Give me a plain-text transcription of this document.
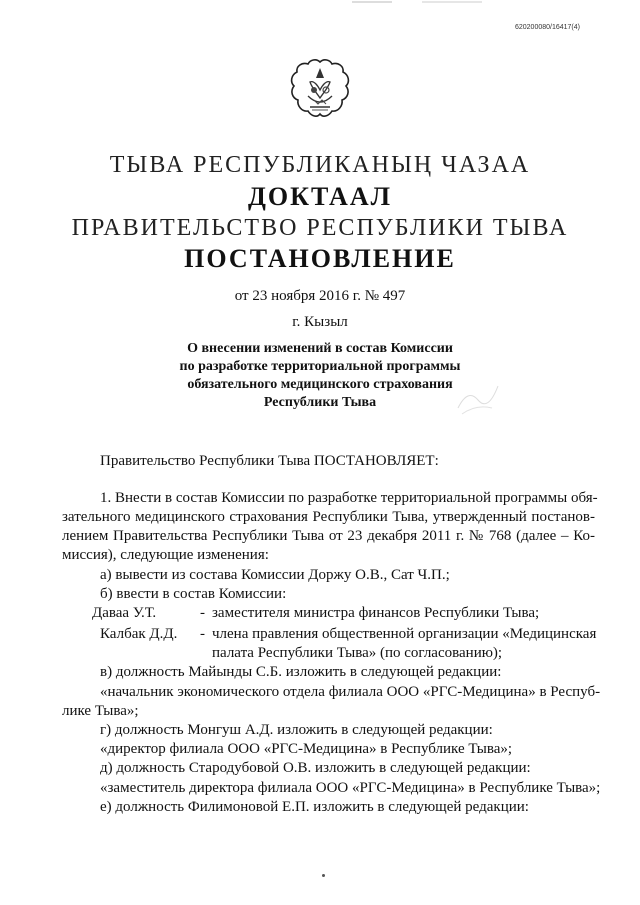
620200080/16417(4)
ТЫВА РЕСПУБЛИКАНЫҢ ЧАЗАА
ДОКТААЛ
ПРАВИТЕЛЬСТВО РЕСПУБЛИКИ ТЫВА
ПОСТАНОВЛЕНИЕ
от 23 ноября 2016 г. № 497
г. Кызыл
О внесении изменений в состав Комиссии
по разработке территориальной программы
обязательного медицинского страхования
Республики Тыва
Правительство Республики Тыва ПОСТАНОВЛЯЕТ:
1. Внести в состав Комиссии по разработке территориальной программы обя-
зательного медицинского страхования Республики Тыва, утвержденный постанов-
лением Правительства Республики Тыва от 23 декабря 2011 г. № 768 (далее – Ко-
миссия), следующие изменения:
а) вывести из состава Комиссии Доржу О.В., Сат Ч.П.;
б) ввести в состав Комиссии:
Даваа У.Т.	- заместителя министра финансов Республики Тыва;
Калбак Д.Д. - члена правления общественной организации «Медицинская
палата Республики Тыва» (по согласованию);
в) должность Майынды С.Б. изложить в следующей редакции:
«начальник экономического отдела филиала ООО «РГС-Медицина» в Респуб-
лике Тыва»;
г) должность Монгуш А.Д. изложить в следующей редакции:
«директор филиала ООО «РГС-Медицина» в Республике Тыва»;
д) должность Стародубовой О.В. изложить в следующей редакции:
«заместитель директора филиала ООО «РГС-Медицина» в Республике Тыва»;
е) должность Филимоновой Е.П. изложить в следующей редакции:
